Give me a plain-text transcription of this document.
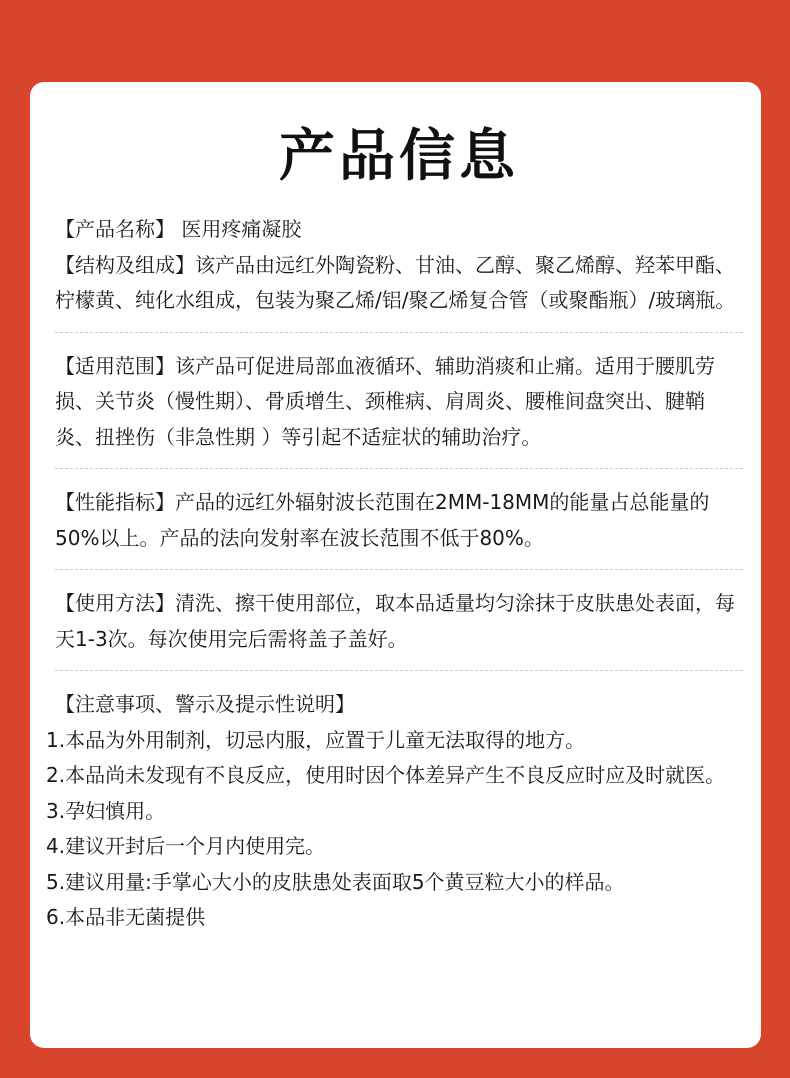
产品信息

【产品名称】 医用疼痛凝胶

【结构及组成】该产品由远红外陶瓷粉、甘油、乙醇、聚乙烯醇、羟苯甲酯、柠檬黄、纯化水组成，包装为聚乙烯/铝/聚乙烯复合管（或聚酯瓶）/玻璃瓶。

【适用范围】该产品可促进局部血液循环、辅助消痰和止痛。适用于腰肌劳损、关节炎（慢性期）、骨质增生、颈椎病、肩周炎、腰椎间盘突出、腱鞘炎、扭挫伤（非急性期 ）等引起不适症状的辅助治疗。

【性能指标】产品的远红外辐射波长范围在2MM-18MM的能量占总能量的50%以上。产品的法向发射率在波长范围不低于80%。

【使用方法】清洗、擦干使用部位，取本品适量均匀涂抹于皮肤患处表面，每天1-3次。每次使用完后需将盖子盖好。

【注意事项、警示及提示性说明】

1.本品为外用制剂，切忌内服，应置于儿童无法取得的地方。

2.本品尚未发现有不良反应，使用时因个体差异产生不良反应时应及时就医。

3.孕妇慎用。

4.建议开封后一个月内使用完。

5.建议用量:手掌心大小的皮肤患处表面取5个黄豆粒大小的样品。

6.本品非无菌提供
